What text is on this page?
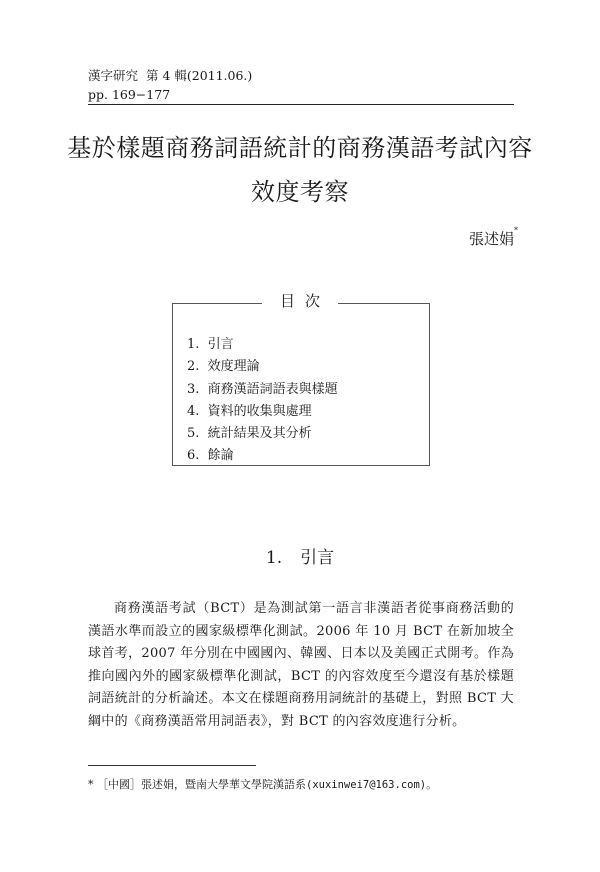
漢字研究 第 4 輯(2011.06.)
pp. 169−177
基於樣題商務詞語統計的商務漢語考試內容
效度考察
張述娟*
目次
1. 引言
2. 效度理論
3. 商務漢語詞語表與樣題
4. 資料的收集與處理
5. 統計結果及其分析
6. 餘論
1. 引言

商務漢語考試（BCT）是為測試第一語言非漢語者從事商務活動的漢語水準而設立的國家級標準化測試。2006 年 10 月 BCT 在新加坡全球首考，2007 年分別在中國國內、韓國、日本以及美國正式開考。作為推向國內外的國家級標準化測試，BCT 的內容效度至今還沒有基於樣題詞語統計的分析論述。本文在樣題商務用詞統計的基礎上，對照 BCT 大綱中的《商務漢語常用詞語表》，對 BCT 的內容效度進行分析。

* ［中國］張述娟，暨南大學華文學院漢語系(xuxinwei7@163.com)。
